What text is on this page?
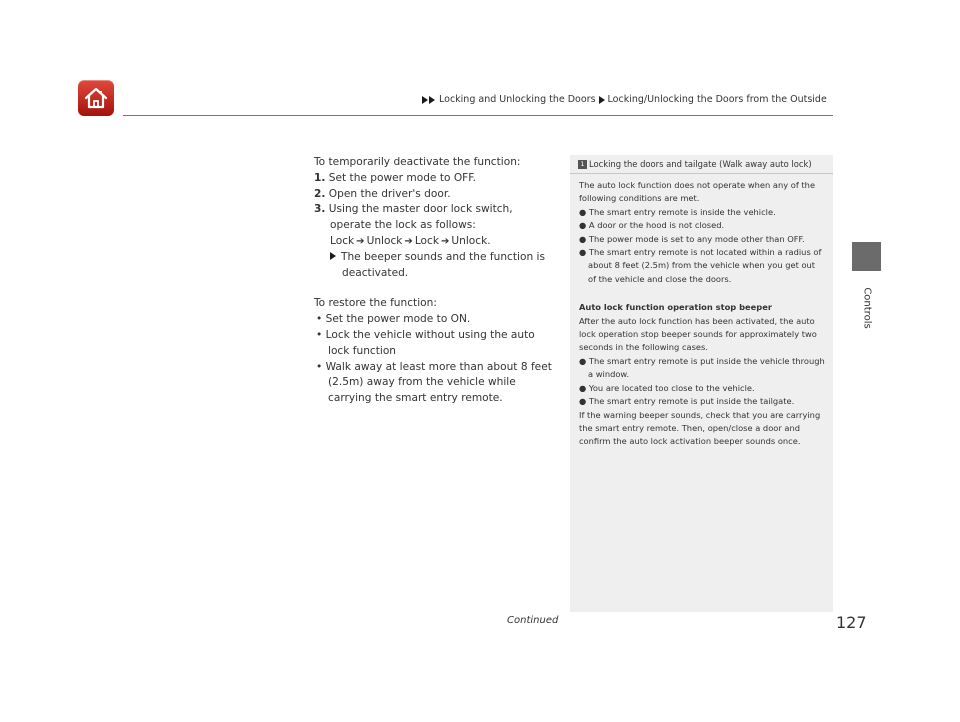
Locking and Unlocking the Doors Locking/Unlocking the Doors from the Outside
Controls

To temporarily deactivate the function:

1. Set the power mode to OFF.

2. Open the driver's door.

3. Using the master door lock switch, operate the lock as follows:

Lock ➔ Unlock ➔ Lock ➔ Unlock.

The beeper sounds and the function is deactivated.

To restore the function:

• Set the power mode to ON.

• Lock the vehicle without using the auto lock function

• Walk away at least more than about 8 feet (2.5m) away from the vehicle while carrying the smart entry remote.

1 Locking the doors and tailgate (Walk away auto lock)

The auto lock function does not operate when any of the following conditions are met.

● The smart entry remote is inside the vehicle.

● A door or the hood is not closed.

● The power mode is set to any mode other than OFF.

● The smart entry remote is not located within a radius of about 8 feet (2.5m) from the vehicle when you get out of the vehicle and close the doors.

Auto lock function operation stop beeper

After the auto lock function has been activated, the auto lock operation stop beeper sounds for approximately two seconds in the following cases.

● The smart entry remote is put inside the vehicle through a window.

● You are located too close to the vehicle.

● The smart entry remote is put inside the tailgate.

If the warning beeper sounds, check that you are carrying the smart entry remote. Then, open/close a door and confirm the auto lock activation beeper sounds once.

Continued	127
